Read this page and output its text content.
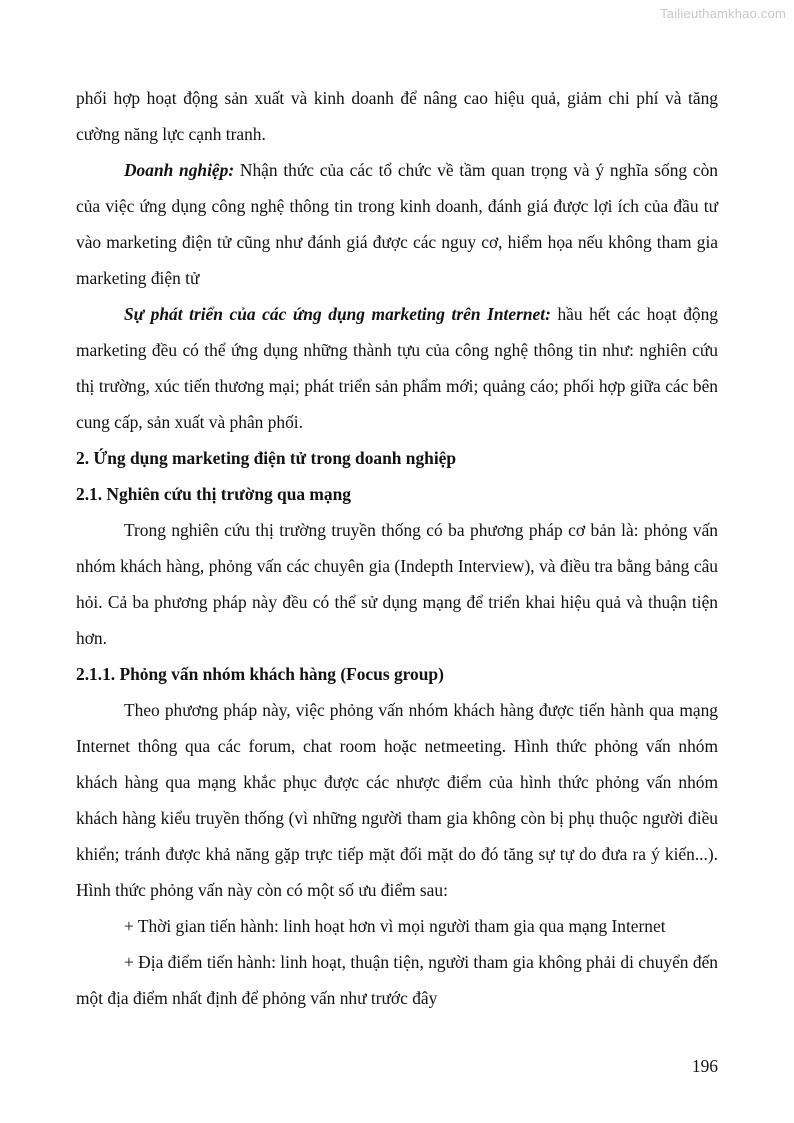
Tailieuthamkhao.com

phối hợp hoạt động sản xuất và kinh doanh để nâng cao hiệu quả, giảm chi phí và tăng cường năng lực cạnh tranh.

Doanh nghiệp: Nhận thức của các tổ chức về tầm quan trọng và ý nghĩa sống còn của việc ứng dụng công nghệ thông tin trong kinh doanh, đánh giá được lợi ích của đầu tư vào marketing điện tử cũng như đánh giá được các nguy cơ, hiểm họa nếu không tham gia marketing điện tử

Sự phát triển của các ứng dụng marketing trên Internet: hầu hết các hoạt động marketing đều có thể ứng dụng những thành tựu của công nghệ thông tin như: nghiên cứu thị trường, xúc tiến thương mại; phát triển sản phẩm mới; quảng cáo; phối hợp giữa các bên cung cấp, sản xuất và phân phối.

2. Ứng dụng marketing điện tử trong doanh nghiệp

2.1. Nghiên cứu thị trường qua mạng

Trong nghiên cứu thị trường truyền thống có ba phương pháp cơ bản là: phỏng vấn nhóm khách hàng, phỏng vấn các chuyên gia (Indepth Interview), và điều tra bằng bảng câu hỏi. Cả ba phương pháp này đều có thể sử dụng mạng để triển khai hiệu quả và thuận tiện hơn.

2.1.1. Phỏng vấn nhóm khách hàng (Focus group)

Theo phương pháp này, việc phỏng vấn nhóm khách hàng được tiến hành qua mạng Internet thông qua các forum, chat room hoặc netmeeting. Hình thức phỏng vấn nhóm khách hàng qua mạng khắc phục được các nhược điểm của hình thức phỏng vấn nhóm khách hàng kiểu truyền thống (vì những người tham gia không còn bị phụ thuộc người điều khiển; tránh được khả năng gặp trực tiếp mặt đối mặt do đó tăng sự tự do đưa ra ý kiến...). Hình thức phỏng vấn này còn có một số ưu điểm sau:

+ Thời gian tiến hành: linh hoạt hơn vì mọi người tham gia qua mạng Internet

+ Địa điểm tiến hành: linh hoạt, thuận tiện, người tham gia không phải di chuyển đến một địa điểm nhất định để phỏng vấn như trước đây

196
